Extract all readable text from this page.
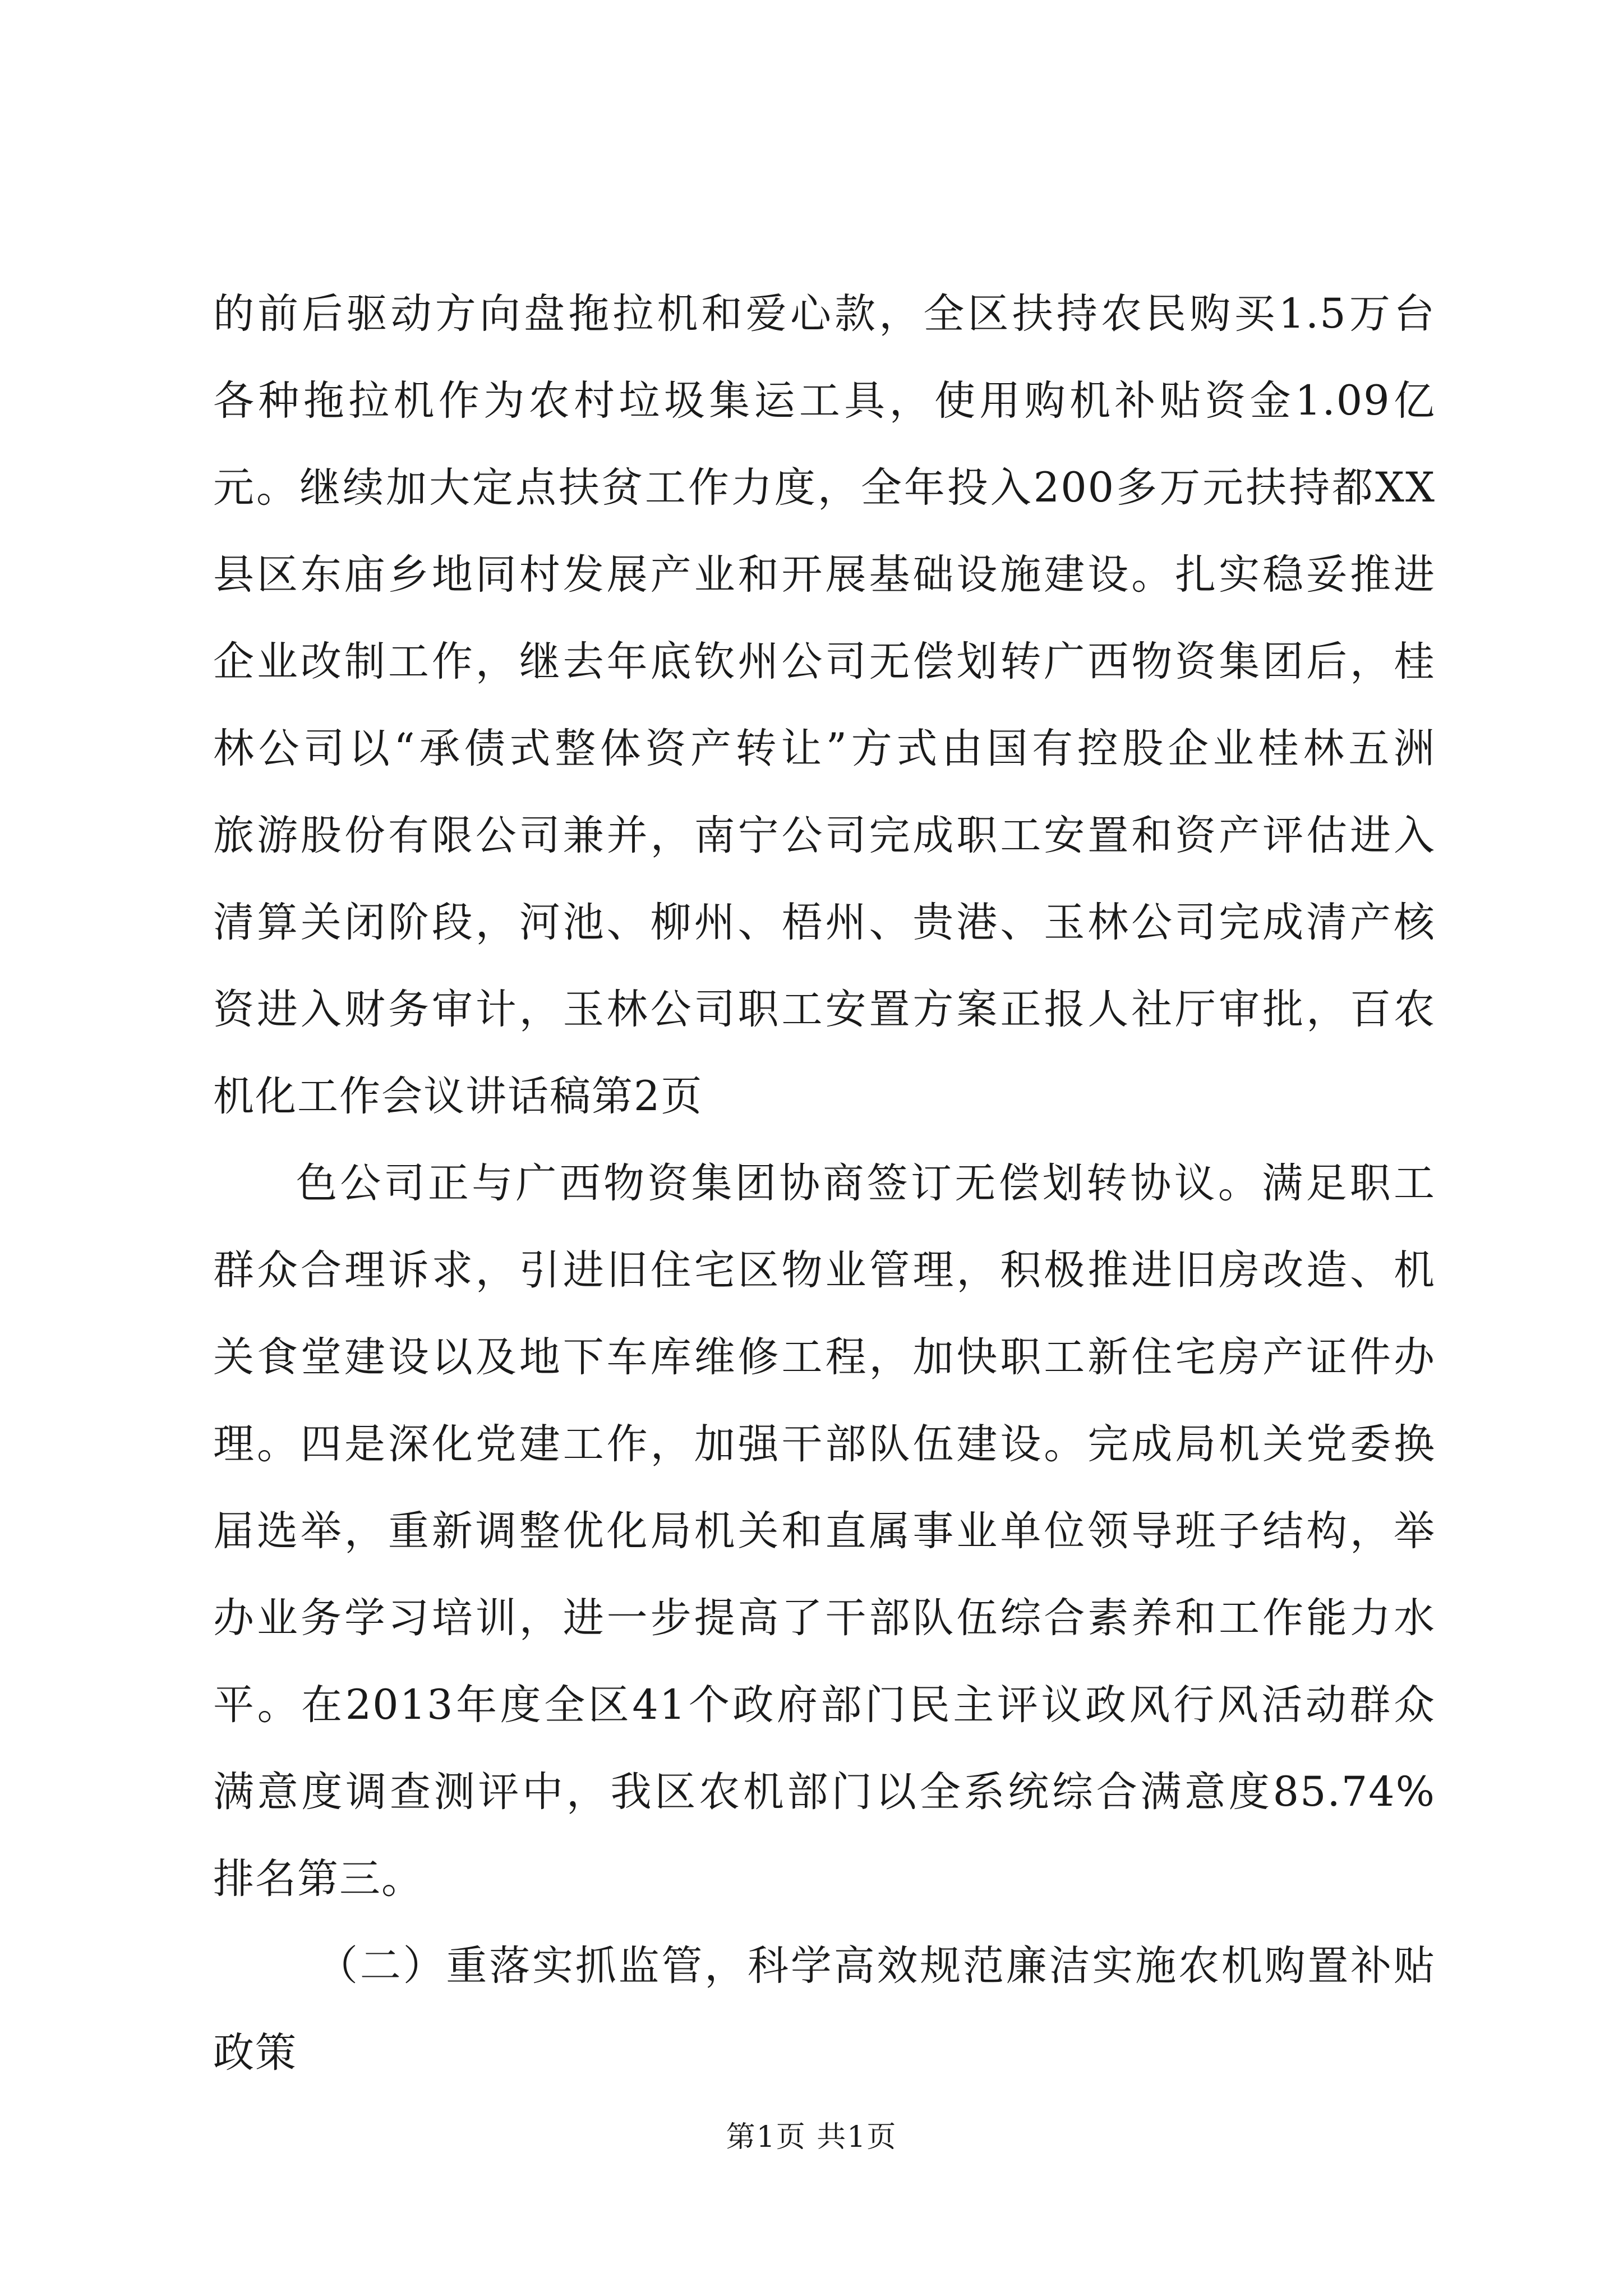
的前后驱动方向盘拖拉机和爱心款，全区扶持农民购买1.5万台
各种拖拉机作为农村垃圾集运工具，使用购机补贴资金1.09亿
元。继续加大定点扶贫工作力度，全年投入200多万元扶持都XX
县区东庙乡地同村发展产业和开展基础设施建设。扎实稳妥推进
企业改制工作，继去年底钦州公司无偿划转广西物资集团后，桂
林公司以“承债式整体资产转让”方式由国有控股企业桂林五洲
旅游股份有限公司兼并，南宁公司完成职工安置和资产评估进入
清算关闭阶段，河池、柳州、梧州、贵港、玉林公司完成清产核
资进入财务审计，玉林公司职工安置方案正报人社厅审批，百农
机化工作会议讲话稿第2页
色公司正与广西物资集团协商签订无偿划转协议。满足职工
群众合理诉求，引进旧住宅区物业管理，积极推进旧房改造、机
关食堂建设以及地下车库维修工程，加快职工新住宅房产证件办
理。四是深化党建工作，加强干部队伍建设。完成局机关党委换
届选举，重新调整优化局机关和直属事业单位领导班子结构，举
办业务学习培训，进一步提高了干部队伍综合素养和工作能力水
平。在2013年度全区41个政府部门民主评议政风行风活动群众
满意度调查测评中，我区农机部门以全系统综合满意度85.74%
排名第三。
（二）重落实抓监管，科学高效规范廉洁实施农机购置补贴
政策
第1页 共1页
